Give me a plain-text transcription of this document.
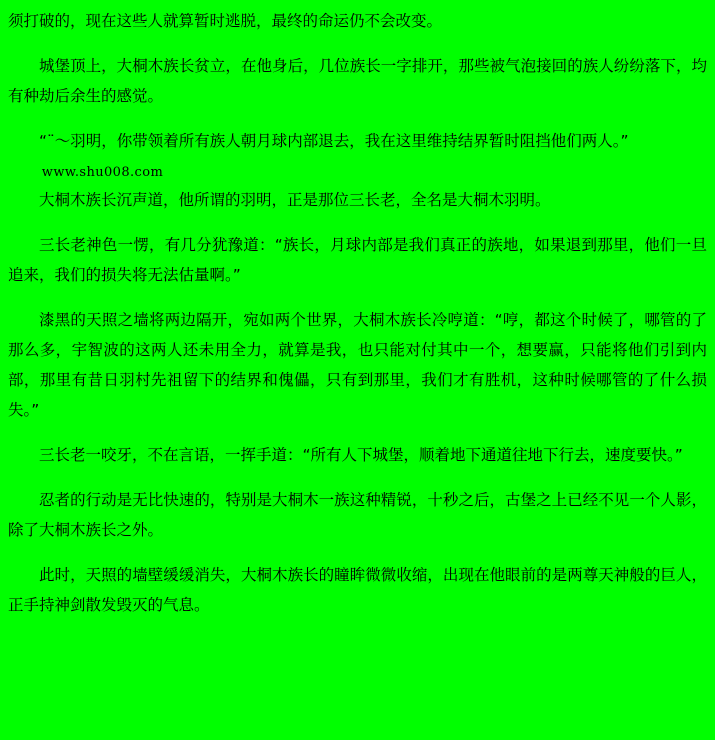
须打破的，现在这些人就算暂时逃脱，最终的命运仍不会改变。

城堡顶上，大桐木族长贫立，在他身后，几位族长一字排开，那些被气泡接回的族人纷纷落下，均有种劫后余生的感觉。

“¨～羽明，你带领着所有族人朝月球内部退去，我在这里维持结界暂时阻挡他们两人。”

www.shu008.com

大桐木族长沉声道，他所谓的羽明，正是那位三长老，全名是大桐木羽明。

三长老神色一愣，有几分犹豫道：“族长，月球内部是我们真正的族地，如果退到那里，他们一旦追来，我们的损失将无法估量啊。”

漆黑的天照之墙将两边隔开，宛如两个世界，大桐木族长冷哼道：“哼，都这个时候了，哪管的了那么多，宇智波的这两人还未用全力，就算是我，也只能对付其中一个，想要赢，只能将他们引到内部，那里有昔日羽村先祖留下的结界和傀儡，只有到那里，我们才有胜机，这种时候哪管的了什么损失。”

三长老一咬牙，不在言语，一挥手道：“所有人下城堡，顺着地下通道往地下行去，速度要快。”

忍者的行动是无比快速的，特别是大桐木一族这种精锐，十秒之后，古堡之上已经不见一个人影，除了大桐木族长之外。

此时，天照的墙壁缓缓消失，大桐木族长的瞳眸微微收缩，出现在他眼前的是两尊天神般的巨人，正手持神剑散发毁灭的气息。
